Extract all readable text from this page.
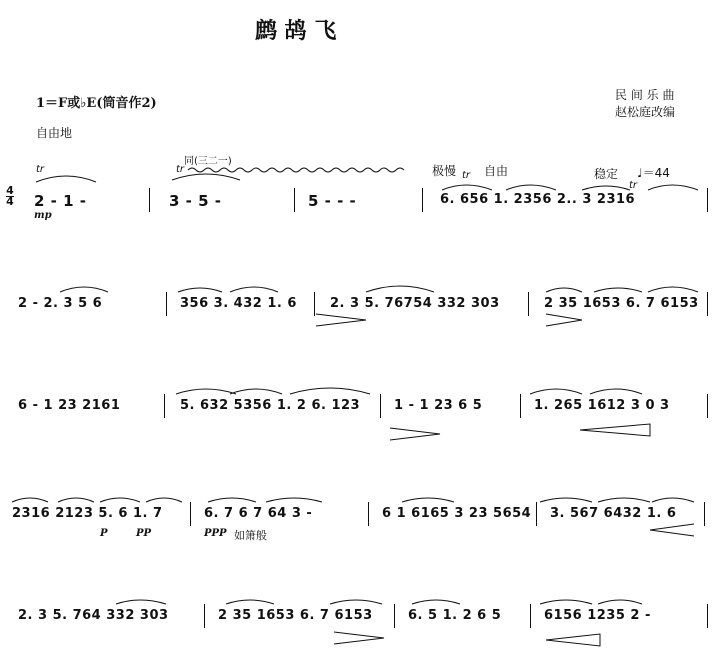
鹧 鸪 飞
1＝F或♭E(筒音作2)
自由地
民 间 乐 曲
赵松庭改编
4
4
同(三二一)
极慢 自由	稳定 ♩＝44
tr	tr
tr
tr
mp
2 - 1 -	3 - 5 -	5 - - -	6. 656 1. 2356 2.. 3 2316
2 - 2. 3 5 6	356 3. 432 1. 6	2. 3 5. 76754 332 303	2 35 1653 6. 7 6153
6 - 1 23 2161	5. 632 5356 1. 2 6. 123	1 - 1 23 6 5	1. 265 1612 3 0 3
2316 2123 5. 6 1. 7	6. 7 6 7 64 3 -	6 1 6165 3 23 5654 3. 567 6432 1. 6
P	PP	PPP 如箫般
2. 3 5. 764 332 303	2 35 1653 6. 7 6153	6. 5 1. 2 6 5	6156 1235 2 -
